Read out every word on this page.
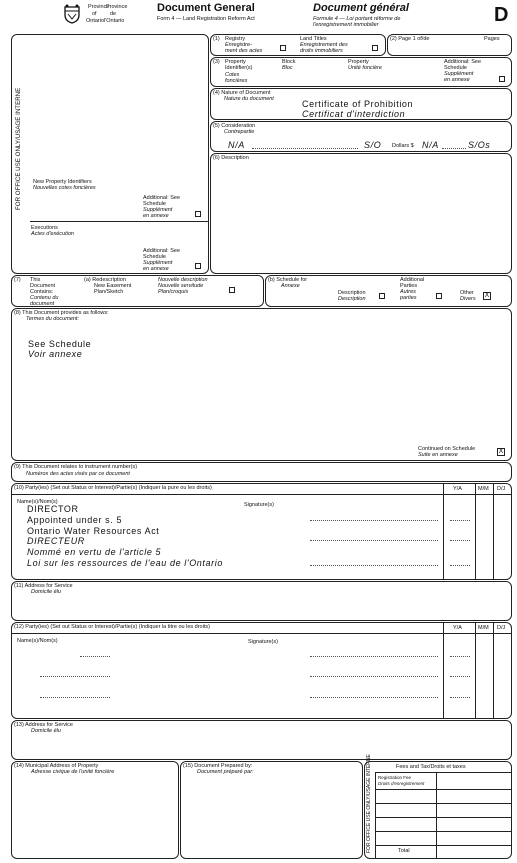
Province
Province
of de
Ontario l'Ontario
Document General
Form 4 — Land Registration Reform Act
Document général
Formule 4 — Loi portant réforme de
l'enregistrement immobilier	D
FOR OFFICE USE ONLY/USAGE INTERNE New Property Identifiers
Nouvelles cotes foncières
Additional: See
Schedule
Supplément
en annexe
Executions
Actes d'exécution
Additional: See
Schedule
Supplément
en annexe
(1) Registry
Enregistre-
ment des actes
Land Titles
Enregistrement des
droits immobiliers
(2) Page 1 of/de	Pages
(3) Property
Identifier(s)
Cotes
foncières
Block
Bloc
Property
Unité foncière
Additional: See
Schedule
Supplément
en annexe
(4) Nature of Document
Nature du document	Certificate of Prohibition
Certificat d'interdiction
(5) Consideration
Contrepartie
N/A	S/O Dollars $ N/A	S/Os
(6) Description
(7) This
Document
Contains:
Contenu du
document
(a) Redescription
New Easement
Plan/Sketch
Nouvelle description
Nouvelle servitude
Plan/croquis
(b) Schedule for
Annexe
Description
Description
Additional
Parties
Autres
parties
Other
Divers X
(8) This Document provides as follows:
Termes du document:
See Schedule
Voir annexe
Continued on Schedule
Suite en annexe	X
(9) This Document relates to instrument number(s)
Numéros des actes visés par ce document
(10) Party(ies) (Set out Status or Interest)/Partie(s) (Indiquer la pure ou les droits)	Y/A	M/M D/J
Name(s)/Nom(s)	Signature(s)
DIRECTOR
Appointed under s. 5
Ontario Water Resources Act
DIRECTEUR
Nommé en vertu de l'article 5
Loi sur les ressources de l'eau de l'Ontario
(11) Address for Service
Domicile élu
(12) Party(ies) (Set out Status or Interest)/Partie(s) (Indiquer la titre ou les droits)	Y/A	M/M D/J
Name(s)/Nom(s)	Signature(s)
(13) Address for Service
Domicile élu
(14) Municipal Address of Property
Adresse civique de l'unité foncière
(15) Document Prepared by:
Document préparé par:
Fees and Tax/Droits et taxes
FOR OFFICE USE ONLY/USAGE INTERNE Registration Fee
Droits d'enregistrement
Total
